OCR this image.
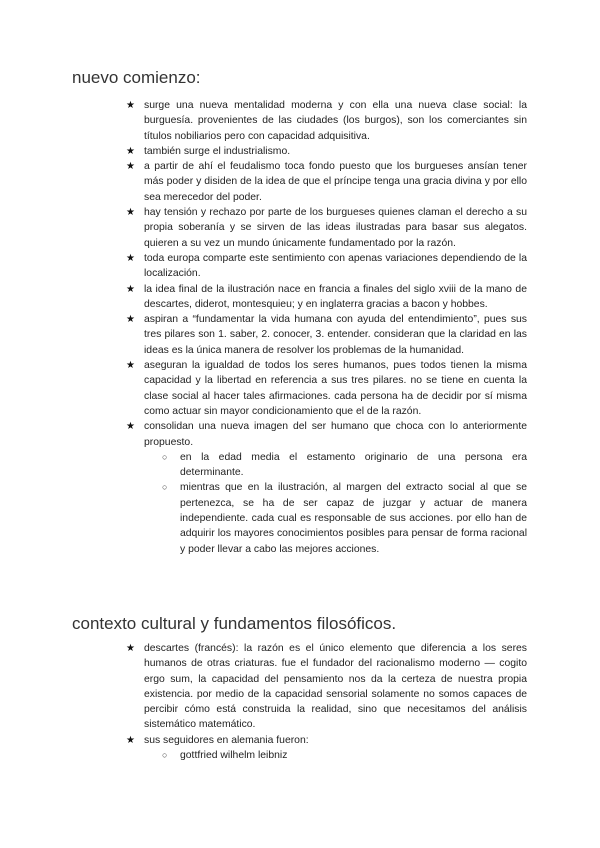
nuevo comienzo:
★ surge una nueva mentalidad moderna y con ella una nueva clase social: la burguesía. provenientes de las ciudades (los burgos), son los comerciantes sin títulos nobiliarios pero con capacidad adquisitiva.
★ también surge el industrialismo.
★ a partir de ahí el feudalismo toca fondo puesto que los burgueses ansían tener más poder y disiden de la idea de que el príncipe tenga una gracia divina y por ello sea merecedor del poder.
★ hay tensión y rechazo por parte de los burgueses quienes claman el derecho a su propia soberanía y se sirven de las ideas ilustradas para basar sus alegatos. quieren a su vez un mundo únicamente fundamentado por la razón.
★ toda europa comparte este sentimiento con apenas variaciones dependiendo de la localización.
★ la idea final de la ilustración nace en francia a finales del siglo xviii de la mano de descartes, diderot, montesquieu; y en inglaterra gracias a bacon y hobbes.
★ aspiran a “fundamentar la vida humana con ayuda del entendimiento”, pues sus tres pilares son 1. saber, 2. conocer, 3. entender. consideran que la claridad en las ideas es la única manera de resolver los problemas de la humanidad.
★ aseguran la igualdad de todos los seres humanos, pues todos tienen la misma capacidad y la libertad en referencia a sus tres pilares. no se tiene en cuenta la clase social al hacer tales afirmaciones. cada persona ha de decidir por sí misma como actuar sin mayor condicionamiento que el de la razón.
★ consolidan una nueva imagen del ser humano que choca con lo anteriormente propuesto.
○ en la edad media el estamento originario de una persona era determinante.
○ mientras que en la ilustración, al margen del extracto social al que se pertenezca, se ha de ser capaz de juzgar y actuar de manera independiente. cada cual es responsable de sus acciones. por ello han de adquirir los mayores conocimientos posibles para pensar de forma racional y poder llevar a cabo las mejores acciones.
contexto cultural y fundamentos filosóficos.
★ descartes (francés): la razón es el único elemento que diferencia a los seres humanos de otras criaturas. fue el fundador del racionalismo moderno — cogito ergo sum, la capacidad del pensamiento nos da la certeza de nuestra propia existencia. por medio de la capacidad sensorial solamente no somos capaces de percibir cómo está construida la realidad, sino que necesitamos del análisis sistemático matemático.
★ sus seguidores en alemania fueron:
○ gottfried wilhelm leibniz
